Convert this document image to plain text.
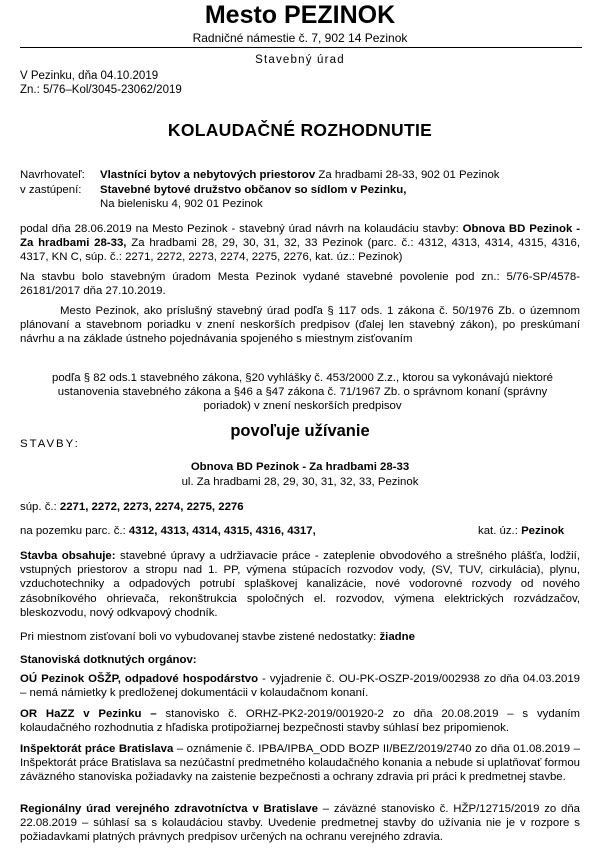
Mesto PEZINOK
Radničné námestie č. 7, 902 14 Pezinok
Stavebný úrad
V Pezinku, dňa 04.10.2019
Zn.: 5/76–Kol/3045-23062/2019
KOLAUDAČNÉ ROZHODNUTIE
Navrhovateľ: Vlastníci bytov a nebytových priestorov Za hradbami 28-33, 902 01 Pezinok
v zastúpení: Stavebné bytové družstvo občanov so sídlom v Pezinku,
Na bielenisku 4, 902 01 Pezinok
podal dňa 28.06.2019 na Mesto Pezinok - stavebný úrad návrh na kolaudáciu stavby: Obnova BD Pezinok - Za hradbami 28-33, Za hradbami 28, 29, 30, 31, 32, 33 Pezinok (parc. č.: 4312, 4313, 4314, 4315, 4316, 4317, KN C, súp. č.: 2271, 2272, 2273, 2274, 2275, 2276, kat. úz.: Pezinok)
Na stavbu bolo stavebným úradom Mesta Pezinok vydané stavebné povolenie pod zn.: 5/76-SP/4578-26181/2017 dňa 27.10.2019.
Mesto Pezinok, ako príslušný stavebný úrad podľa § 117 ods. 1 zákona č. 50/1976 Zb. o územnom plánovaní a stavebnom poriadku v znení neskorších predpisov (ďalej len stavebný zákon), po preskúmaní návrhu a na základe ústneho pojednávania spojeného s miestnym zisťovaním
podľa § 82 ods.1 stavebného zákona, §20 vyhlášky č. 453/2000 Z.z., ktorou sa vykonávajú niektoré ustanovenia stavebného zákona a §46 a §47 zákona č. 71/1967 Zb. o správnom konaní (správny poriadok) v znení neskorších predpisov
povoľuje užívanie
STAVBY:
Obnova BD Pezinok - Za hradbami 28-33
ul. Za hradbami 28, 29, 30, 31, 32, 33, Pezinok
súp. č.: 2271, 2272, 2273, 2274, 2275, 2276
na pozemku parc. č.: 4312, 4313, 4314, 4315, 4316, 4317,	kat. úz.: Pezinok
Stavba obsahuje: stavebné úpravy a udržiavacie práce - zateplenie obvodového a strešného plášťa, lodžií, vstupných priestorov a stropu nad 1. PP, výmena stúpacích rozvodov vody, (SV, TUV, cirkulácia), plynu, vzduchotechniky a odpadových potrubí splaškovej kanalizácie, nové vodorovné rozvody od nového zásobníkového ohrievača, rekonštrukcia spoločných el. rozvodov, výmena elektrických rozvádzačov, bleskozvodu, nový odkvapový chodník.
Pri miestnom zisťovaní boli vo vybudovanej stavbe zistené nedostatky: žiadne
Stanoviská dotknutých orgánov:
OÚ Pezinok OŠŽP, odpadové hospodárstvo - vyjadrenie č. OU-PK-OSZP-2019/002938 zo dňa 04.03.2019 – nemá námietky k predloženej dokumentácii v kolaudačnom konaní.
OR HaZZ v Pezinku – stanovisko č. ORHZ-PK2-2019/001920-2 zo dňa 20.08.2019 – s vydaním kolaudačného rozhodnutia z hľadiska protipožiarnej bezpečnosti stavby súhlasí bez pripomienok.
Inšpektorát práce Bratislava – oznámenie č. IPBA/IPBA_ODD BOZP II/BEZ/2019/2740 zo dňa 01.08.2019 – Inšpektorát práce Bratislava sa nezúčastní predmetného kolaudačného konania a nebude si uplatňovať formou záväzného stanoviska požiadavky na zaistenie bezpečnosti a ochrany zdravia pri práci k predmetnej stavbe.
Regionálny úrad verejného zdravotníctva v Bratislave – záväzné stanovisko č. HŽP/12715/2019 zo dňa 22.08.2019 – súhlasí sa s kolaudáciou stavby. Uvedenie predmetnej stavby do užívania nie je v rozpore s požiadavkami platných právnych predpisov určených na ochranu verejného zdravia.
